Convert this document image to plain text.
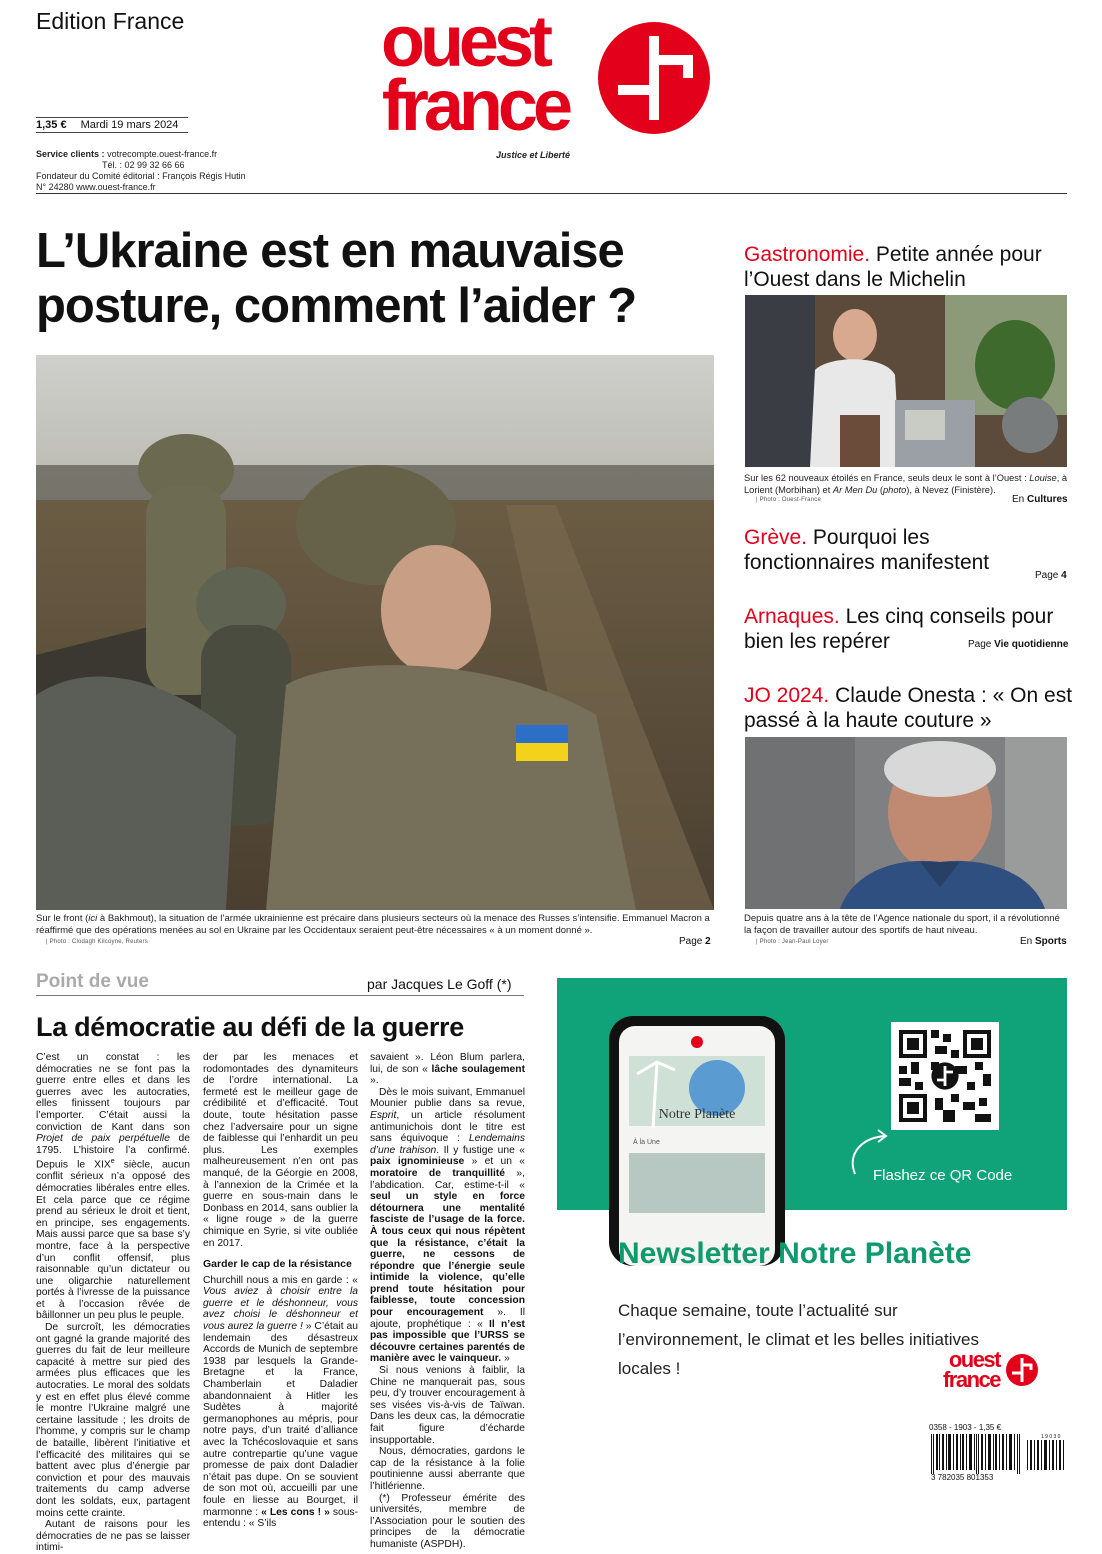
Edition France
1,35 € Mardi 19 mars 2024
Service clients : votrecompte.ouest-france.fr
Tél. : 02 99 32 66 66
Fondateur du Comité éditorial : François Régis Hutin
N° 24280 www.ouest-france.fr
ouest
france
Justice et Liberté
L’Ukraine est en mauvaise posture, comment l’aider ?
Sur le front (ici à Bakhmout), la situation de l’armée ukrainienne est précaire dans plusieurs secteurs où la menace des Russes s’intensifie. Emmanuel Macron a réaffirmé que des opérations menées au sol en Ukraine par les Occidentaux seraient peut-être nécessaires « à un moment donné ».
| Photo : Clodagh Kilcoyne, Reuters	Page 2
Gastronomie. Petite année pour l’Ouest dans le Michelin
Sur les 62 nouveaux étoilés en France, seuls deux le sont à l’Ouest : Louise, à Lorient (Morbihan) et Ar Men Du (photo), à Nevez (Finistère).
| Photo : Ouest-France	En Cultures
Grève. Pourquoi les fonctionnaires manifestent
Page 4
Arnaques. Les cinq conseils pour bien les repérer	Page Vie quotidienne
JO 2024. Claude Onesta : « On est passé à la haute couture »
Depuis quatre ans à la tête de l’Agence nationale du sport, il a révolutionné la façon de travailler autour des sportifs de haut niveau.
| Photo : Jean-Paul Loyer	En Sports
Point de vue	par Jacques Le Goff (*)
La démocratie au défi de la guerre

C’est un constat : les démocraties ne se font pas la guerre entre elles et dans les guerres avec les autocraties, elles finissent toujours par l’emporter. C’était aussi la conviction de Kant dans son Projet de paix perpétuelle de 1795. L’histoire l’a confirmé. Depuis le XIXe siècle, aucun conflit sérieux n’a opposé des démocraties libérales entre elles. Et cela parce que ce régime prend au sérieux le droit et tient, en principe, ses engagements. Mais aussi parce que sa base s’y montre, face à la perspective d’un conflit offensif, plus raisonnable qu’un dictateur ou une oligarchie naturellement portés à l’ivresse de la puissance et à l’occasion rêvée de bâillonner un peu plus le peuple.

De surcroît, les démocraties ont gagné la grande majorité des guerres du fait de leur meilleure capacité à mettre sur pied des armées plus efficaces que les autocraties. Le moral des soldats y est en effet plus élevé comme le montre l’Ukraine malgré une certaine lassitude ; les droits de l’homme, y compris sur le champ de bataille, libèrent l’initiative et l’efficacité des militaires qui se battent avec plus d’énergie par conviction et pour des mauvais traitements du camp adverse dont les soldats, eux, partagent moins cette crainte.

Autant de raisons pour les démocraties de ne pas se laisser intimi-

der par les menaces et rodomontades des dynamiteurs de l’ordre international. La fermeté est le meilleur gage de crédibilité et d’efficacité. Tout doute, toute hésitation passe chez l’adversaire pour un signe de faiblesse qui l’enhardit un peu plus. Les exemples malheureusement n’en ont pas manqué, de la Géorgie en 2008, à l’annexion de la Crimée et la guerre en sous-main dans le Donbass en 2014, sans oublier la « ligne rouge » de la guerre chimique en Syrie, si vite oubliée en 2017.

Garder le cap de la résistance

Churchill nous a mis en garde : « Vous aviez à choisir entre la guerre et le déshonneur, vous avez choisi le déshonneur et vous aurez la guerre ! » C’était au lendemain des désastreux Accords de Munich de septembre 1938 par lesquels la Grande-Bretagne et la France, Chamberlain et Daladier abandonnaient à Hitler les Sudètes à majorité germanophones au mépris, pour notre pays, d’un traité d’alliance avec la Tchécoslovaquie et sans autre contrepartie qu’une vague promesse de paix dont Daladier n’était pas dupe. On se souvient de son mot où, accueilli par une foule en liesse au Bourget, il marmonne : « Les cons ! » sous-entendu : « S’ils

savaient ». Léon Blum parlera, lui, de son « lâche soulagement ».

Dès le mois suivant, Emmanuel Mounier publie dans sa revue, Esprit, un article résolument antimunichois dont le titre est sans équivoque : Lendemains d’une trahison. Il y fustige une « paix ignominieuse » et un « moratoire de tranquillité », l’abdication. Car, estime-t-il « seul un style en force détournera une mentalité fasciste de l’usage de la force. À tous ceux qui nous répètent que la résistance, c’était la guerre, ne cessons de répondre que l’énergie seule intimide la violence, qu’elle prend toute hésitation pour faiblesse, toute concession pour encouragement ». Il ajoute, prophétique : « Il n’est pas impossible que l’URSS se découvre certaines parentés de manière avec le vainqueur. »

Si nous venions à faiblir, la Chine ne manquerait pas, sous peu, d’y trouver encouragement à ses visées vis-à-vis de Taïwan. Dans les deux cas, la démocratie fait figure d’écharde insupportable.

Nous, démocraties, gardons le cap de la résistance à la folie poutinienne aussi aberrante que l’hitlérienne.

(*) Professeur émérite des universités, membre de l’Association pour le soutien des principes de la démocratie humaniste (ASPDH).

Notre Planète
À la Une
Flashez ce QR Code
Newsletter Notre Planète
Chaque semaine, toute l’actualité sur l’environnement, le climat et les belles initiatives locales !	ouest
france
0358 - 1903 - 1,35 €
1 9 0 3 0
3 782035 801353
